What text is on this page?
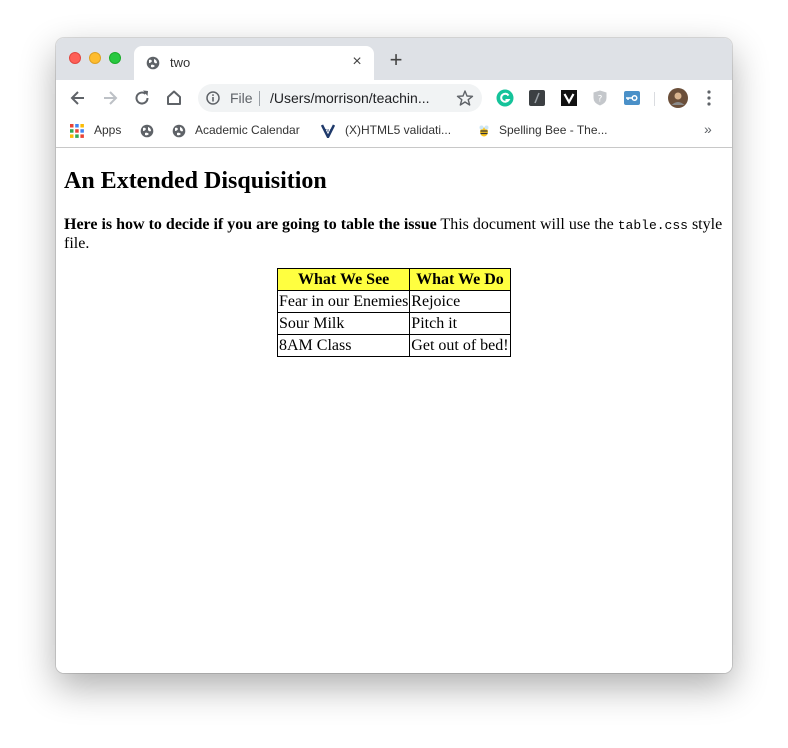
two	× +
File /Users/morrison/teachin...	?
Apps	Academic Calendar	nu (X)HTML5 validati...	Spelling Bee - The...	»
An Extended Disquisition

Here is how to decide if you are going to table the issue This document will use the table.css style file.

What We See	What We Do
Fear in our Enemies	Rejoice
Sour Milk	Pitch it
8AM Class	Get out of bed!
